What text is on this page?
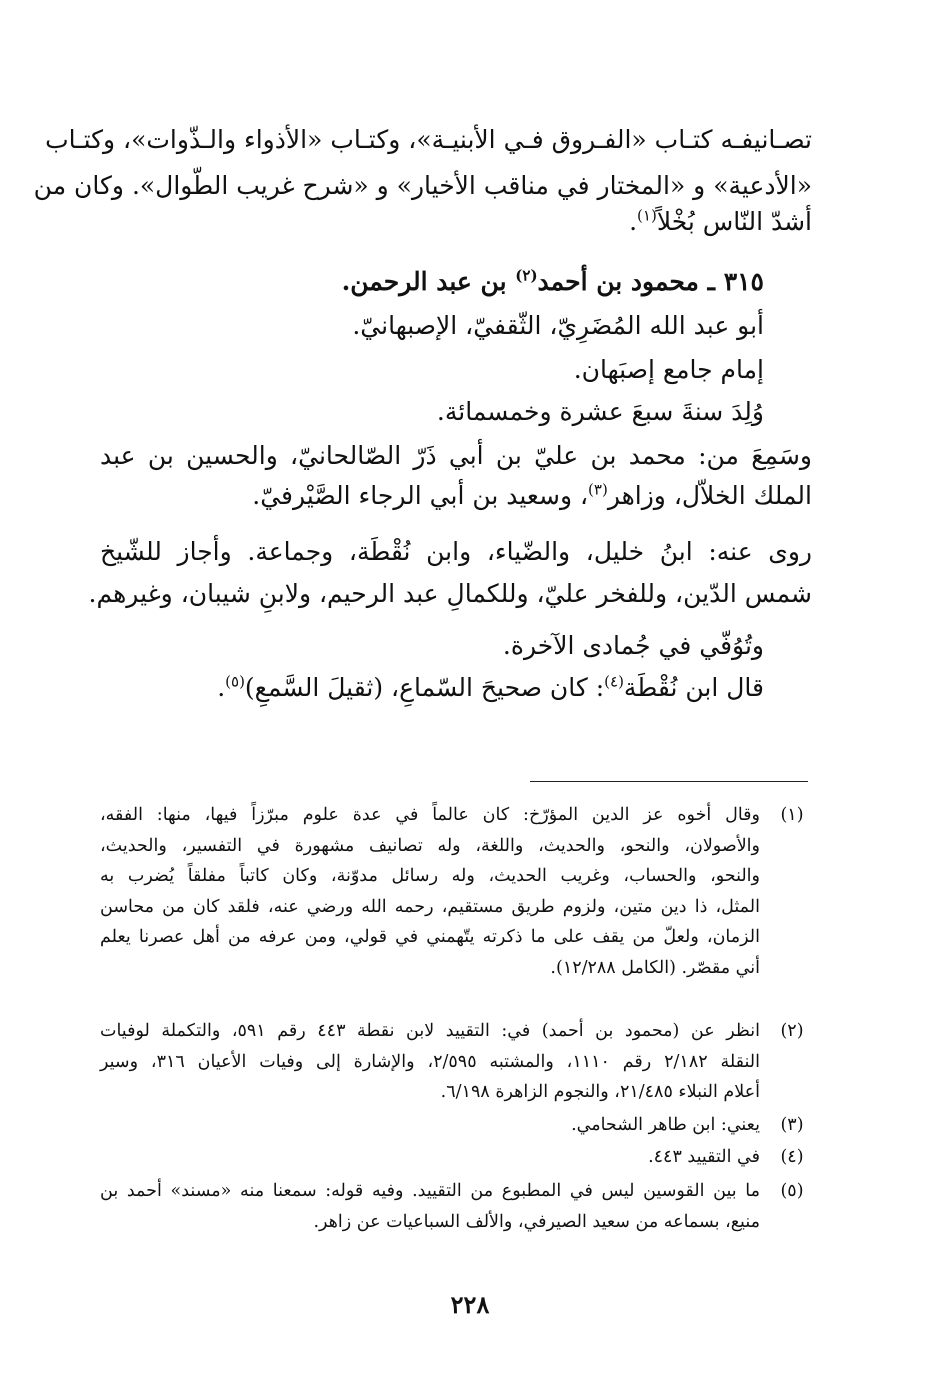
تصـانيفـه كتـاب «الفـروق فـي الأبنيـة»، وكتـاب «الأذواء والـذّوات»، وكتـاب
«الأدعية» و «المختار في مناقب الأخيار» و «شرح غريب الطّوال». وكان من
أشدّ النّاس بُخْلاً$^{(١)}$.
٣١٥ ـ محمود بن أحمد$^{(٢)}$ بن عبد الرحمن.
أبو عبد الله المُضَرِيّ، الثّقفيّ، الإصبهانيّ.
إمام جامع إصبَهان.
وُلِدَ سنةَ سبعَ عشرة وخمسمائة.
وسَمِعَ من: محمد بن عليّ بن أبي ذَرّ الصّالحانيّ، والحسين بن عبد
الملك الخلاّل، وزاهر$^{(٣)}$، وسعيد بن أبي الرجاء الصَّيْرفيّ.
روى عنه: ابنُ خليل، والضّياء، وابن نُقْطَة، وجماعة. وأجاز للشّيخ
شمس الدّين، وللفخر عليّ، وللكمالِ عبد الرحيم، ولابنِ شيبان، وغيرهم.
وتُوُفّي في جُمادى الآخرة.
قال ابن نُقْطَة$^{(٤)}$: كان صحيحَ السّماعِ، (ثقيلَ السَّمعِ)$^{(٥)}$.
(١)
وقال أخوه عز الدين المؤرّخ: كان عالماً في عدة علوم مبرّزاً فيها، منها: الفقه،
والأصولان، والنحو، والحديث، واللغة، وله تصانيف مشهورة في التفسير، والحديث،
والنحو، والحساب، وغريب الحديث، وله رسائل مدوّنة، وكان كاتباً مفلقاً يُضرب به
المثل، ذا دين متين، ولزوم طريق مستقيم، رحمه الله ورضي عنه، فلقد كان من محاسن
الزمان، ولعلّ من يقف على ما ذكرته يتّهمني في قولي، ومن عرفه من أهل عصرنا يعلم
أني مقصّر. (الكامل ١٢/٢٨٨).
(٢)
انظر عن (محمود بن أحمد) في: التقييد لابن نقطة ٤٤٣ رقم ٥٩١، والتكملة لوفيات
النقلة ٢/١٨٢ رقم ١١١٠، والمشتبه ٢/٥٩٥، والإشارة إلى وفيات الأعيان ٣١٦، وسير
أعلام النبلاء ٢١/٤٨٥، والنجوم الزاهرة ٦/١٩٨.
(٣)
يعني: ابن طاهر الشحامي.
(٤)
في التقييد ٤٤٣.
(٥)
ما بين القوسين ليس في المطبوع من التقييد. وفيه قوله: سمعنا منه «مسند» أحمد بن
منيع، بسماعه من سعيد الصيرفي، والألف السباعيات عن زاهر.
٢٢٨
